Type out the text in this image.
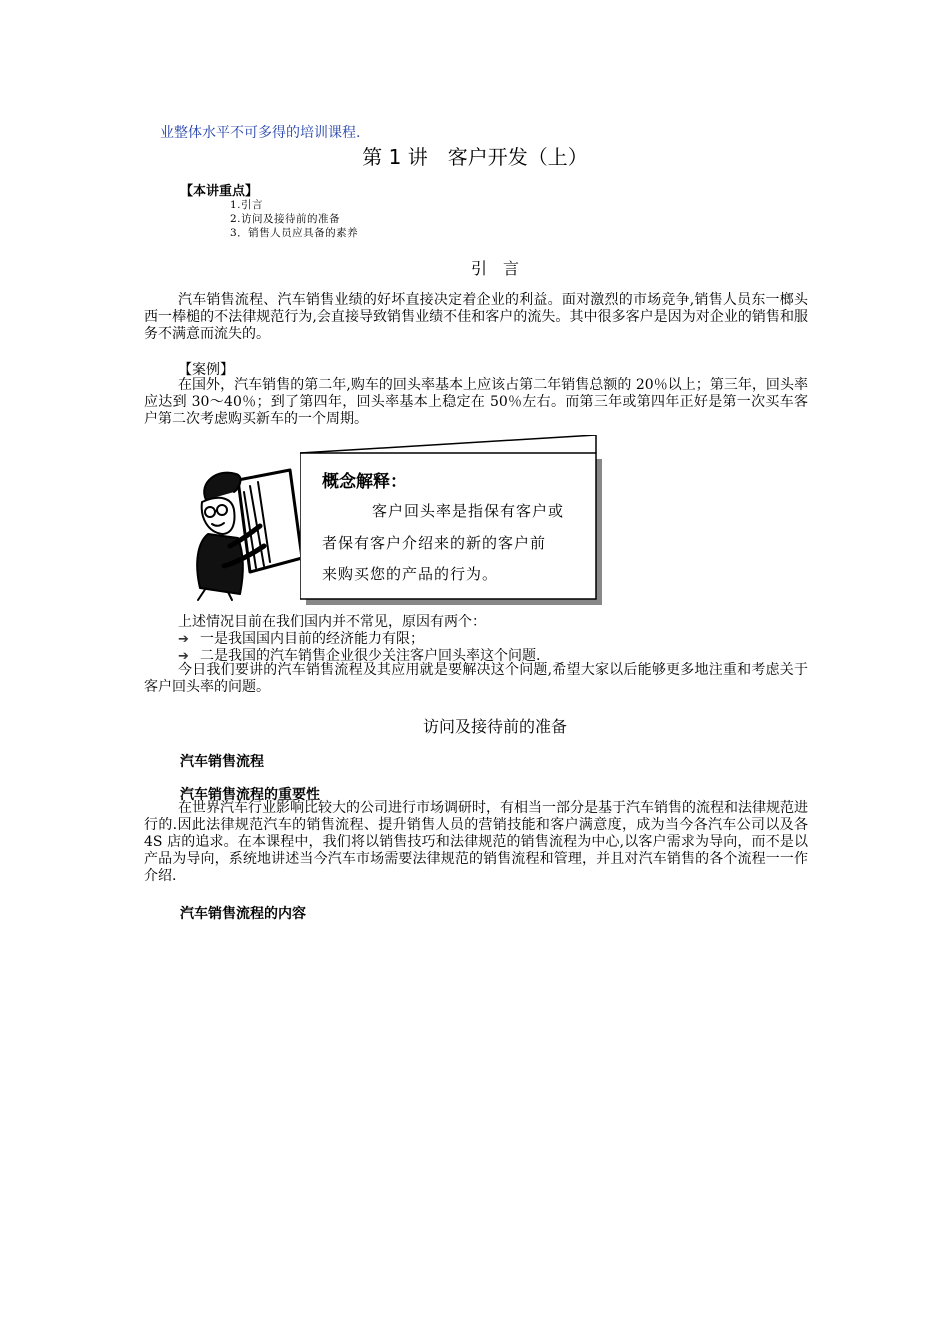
业整体水平不可多得的培训课程.
第 1 讲　客户开发（上）
【本讲重点】
1.引言
2.访问及接待前的准备
3．销售人员应具备的素养
引　言
汽车销售流程、汽车销售业绩的好坏直接决定着企业的利益。面对激烈的市场竞争,销售人员东一榔头西一棒槌的不法律规范行为,会直接导致销售业绩不佳和客户的流失。其中很多客户是因为对企业的销售和服务不满意而流失的。
【案例】
在国外，汽车销售的第二年,购车的回头率基本上应该占第二年销售总额的 20％以上；第三年，回头率应达到 30～40％；到了第四年，回头率基本上稳定在 50％左右。而第三年或第四年正好是第一次买车客户第二次考虑购买新车的一个周期。
概念解释：
客户回头率是指保有客户或
者保有客户介绍来的新的客户前
来购买您的产品的行为。
上述情况目前在我们国内并不常见，原因有两个：
➔ 一是我国国内目前的经济能力有限；
➔ 二是我国的汽车销售企业很少关注客户回头率这个问题.
今日我们要讲的汽车销售流程及其应用就是要解决这个问题,希望大家以后能够更多地注重和考虑关于客户回头率的问题。
访问及接待前的准备
汽车销售流程
汽车销售流程的重要性
在世界汽车行业影响比较大的公司进行市场调研时，有相当一部分是基于汽车销售的流程和法律规范进行的.因此法律规范汽车的销售流程、提升销售人员的营销技能和客户满意度，成为当今各汽车公司以及各 4S 店的追求。在本课程中，我们将以销售技巧和法律规范的销售流程为中心,以客户需求为导向，而不是以产品为导向，系统地讲述当今汽车市场需要法律规范的销售流程和管理，并且对汽车销售的各个流程一一作介绍.
汽车销售流程的内容
